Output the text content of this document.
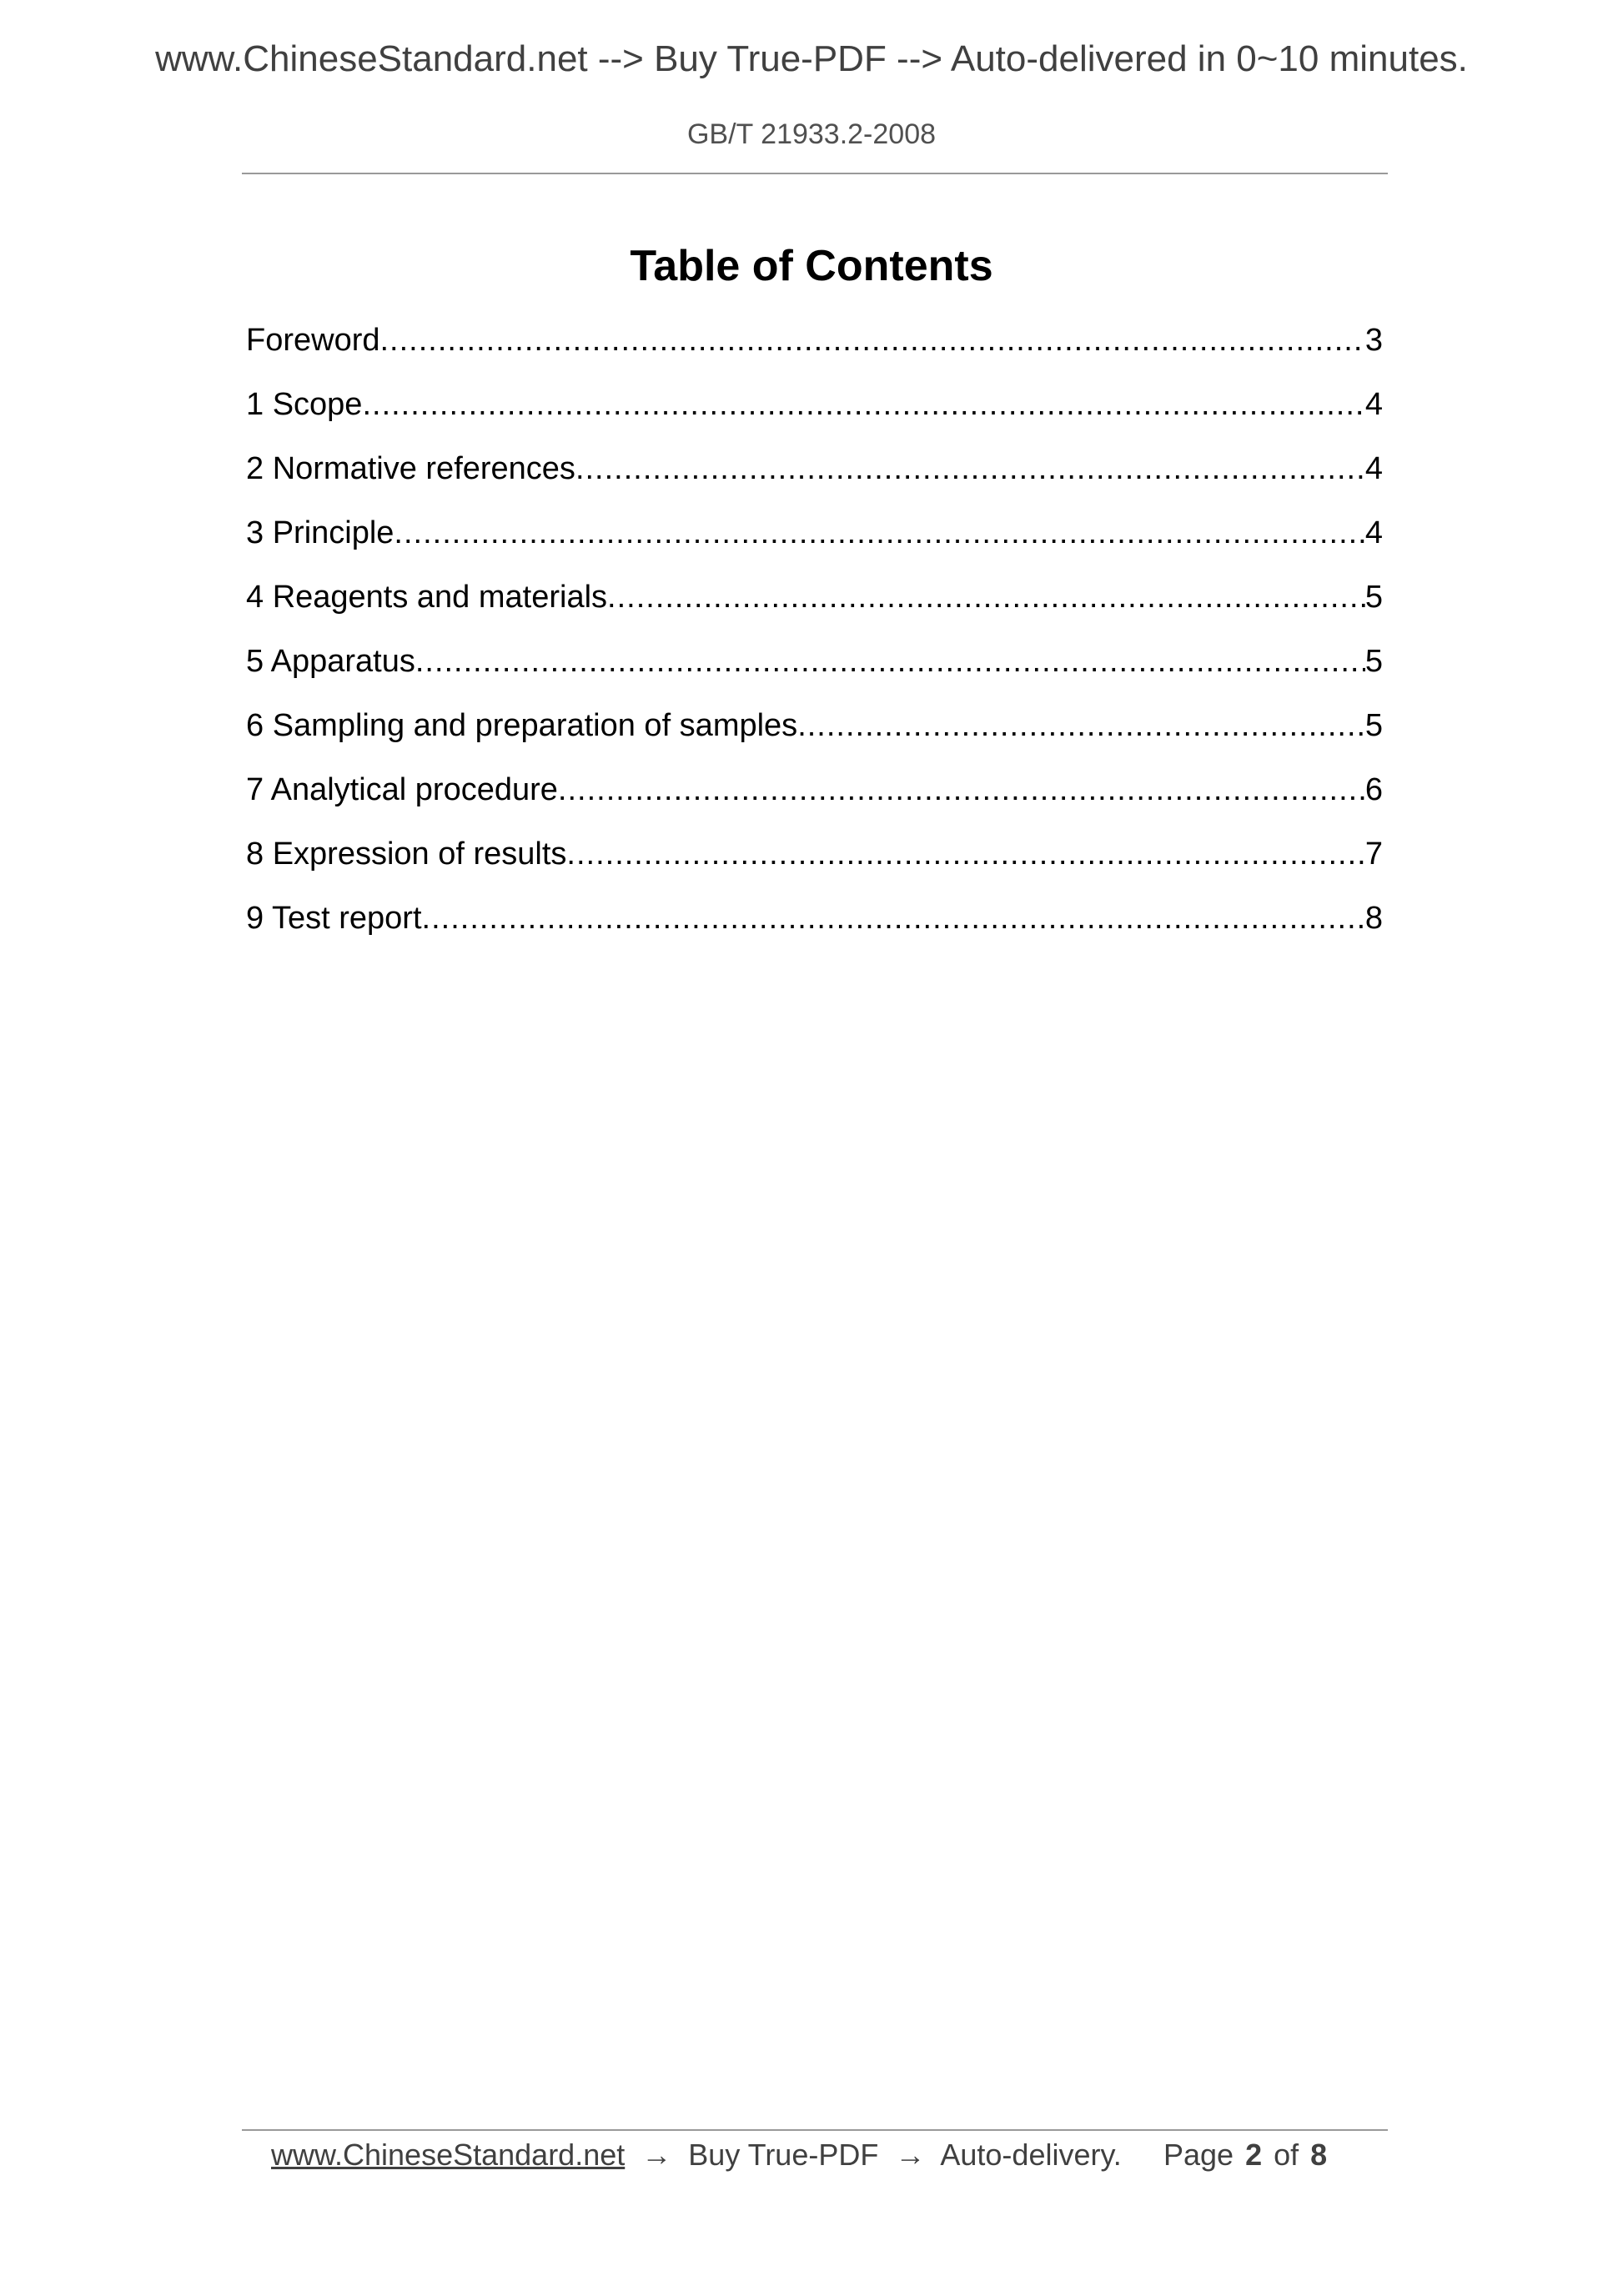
www.ChineseStandard.net --> Buy True-PDF --> Auto-delivered in 0~10 minutes.
GB/T 21933.2-2008
Table of Contents
Foreword .....	3
1 Scope .....	4
2 Normative references .....	4
3 Principle .....	4
4 Reagents and materials .....	5
5 Apparatus .....	5
6 Sampling and preparation of samples .....	5
7 Analytical procedure .....	6
8 Expression of results .....	7
9 Test report .....	8
www.ChineseStandard.net → Buy True-PDF → Auto-delivery. Page 2 of 8
